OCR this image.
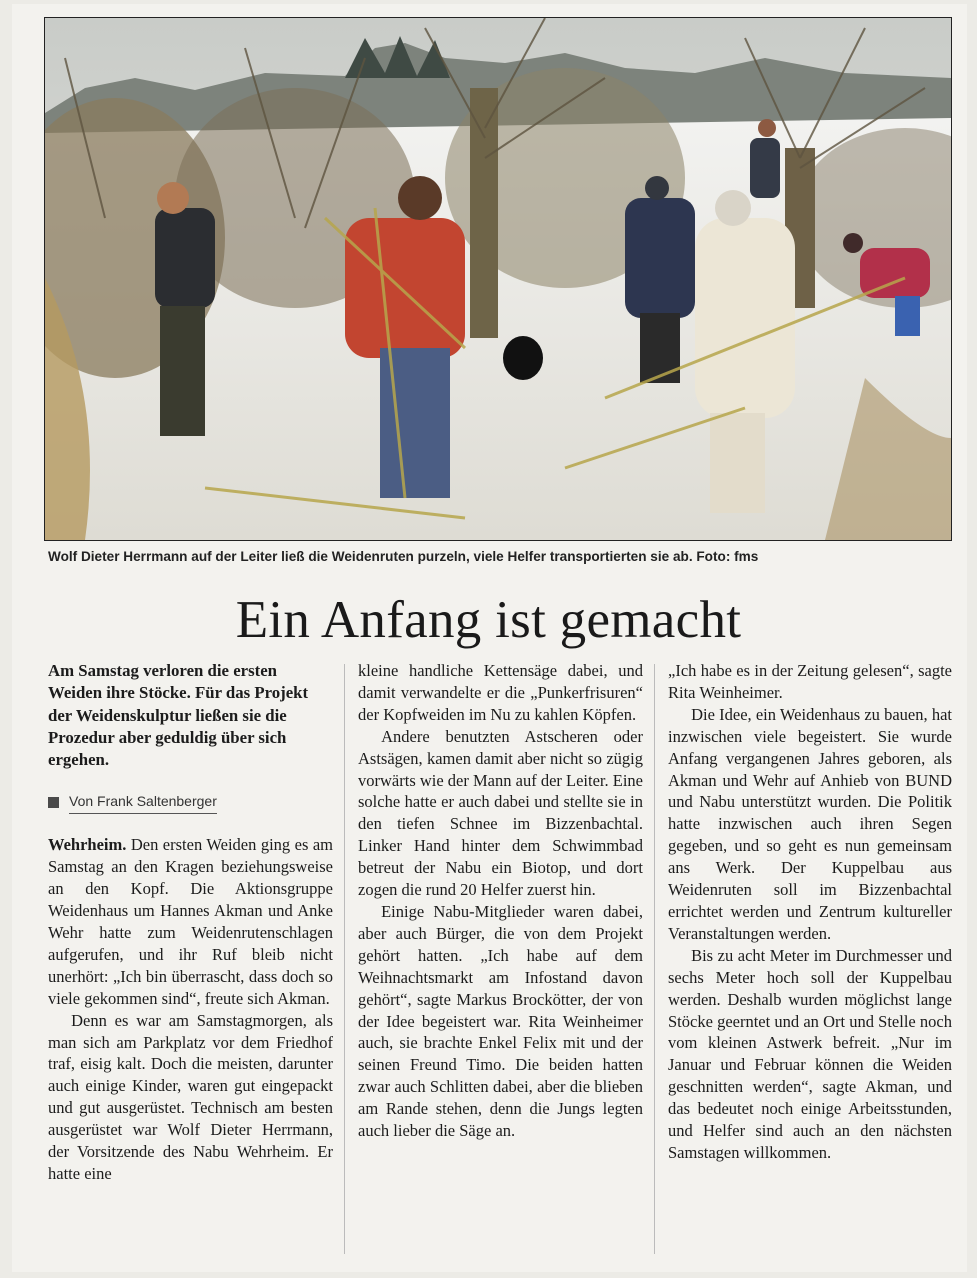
Wolf Dieter Herrmann auf der Leiter ließ die Weidenruten purzeln, viele Helfer transportierten sie ab. Foto: fms
Ein Anfang ist gemacht

Am Samstag verloren die ersten Weiden ihre Stöcke. Für das Projekt der Weidenskulptur ließen sie die Prozedur aber geduldig über sich ergehen.

Von Frank Saltenberger

Wehrheim. Den ersten Weiden ging es am Samstag an den Kragen beziehungsweise an den Kopf. Die Aktionsgruppe Weidenhaus um Hannes Akman und Anke Wehr hatte zum Weidenrutenschlagen aufgerufen, und ihr Ruf bleib nicht unerhört: „Ich bin überrascht, dass doch so viele gekommen sind“, freute sich Akman.

Denn es war am Samstagmorgen, als man sich am Parkplatz vor dem Friedhof traf, eisig kalt. Doch die meisten, darunter auch einige Kinder, waren gut eingepackt und gut ausgerüstet. Technisch am besten ausgerüstet war Wolf Dieter Herrmann, der Vorsitzende des Nabu Wehrheim. Er hatte eine

kleine handliche Kettensäge dabei, und damit verwandelte er die „Punkerfrisuren“ der Kopfweiden im Nu zu kahlen Köpfen.

Andere benutzten Astscheren oder Astsägen, kamen damit aber nicht so zügig vorwärts wie der Mann auf der Leiter. Eine solche hatte er auch dabei und stellte sie in den tiefen Schnee im Bizzenbachtal. Linker Hand hinter dem Schwimmbad betreut der Nabu ein Biotop, und dort zogen die rund 20 Helfer zuerst hin.

Einige Nabu-Mitglieder waren dabei, aber auch Bürger, die von dem Projekt gehört hatten. „Ich habe auf dem Weihnachtsmarkt am Infostand davon gehört“, sagte Markus Brockötter, der von der Idee begeistert war. Rita Weinheimer auch, sie brachte Enkel Felix mit und der seinen Freund Timo. Die beiden hatten zwar auch Schlitten dabei, aber die blieben am Rande stehen, denn die Jungs legten auch lieber die Säge an.

„Ich habe es in der Zeitung gelesen“, sagte Rita Weinheimer.

Die Idee, ein Weidenhaus zu bauen, hat inzwischen viele begeistert. Sie wurde Anfang vergangenen Jahres geboren, als Akman und Wehr auf Anhieb von BUND und Nabu unterstützt wurden. Die Politik hatte inzwischen auch ihren Segen gegeben, und so geht es nun gemeinsam ans Werk. Der Kuppelbau aus Weidenruten soll im Bizzenbachtal errichtet werden und Zentrum kultureller Veranstaltungen werden.

Bis zu acht Meter im Durchmesser und sechs Meter hoch soll der Kuppelbau werden. Deshalb wurden möglichst lange Stöcke geerntet und an Ort und Stelle noch vom kleinen Astwerk befreit. „Nur im Januar und Februar können die Weiden geschnitten werden“, sagte Akman, und das bedeutet noch einige Arbeitsstunden, und Helfer sind auch an den nächsten Samstagen willkommen.
